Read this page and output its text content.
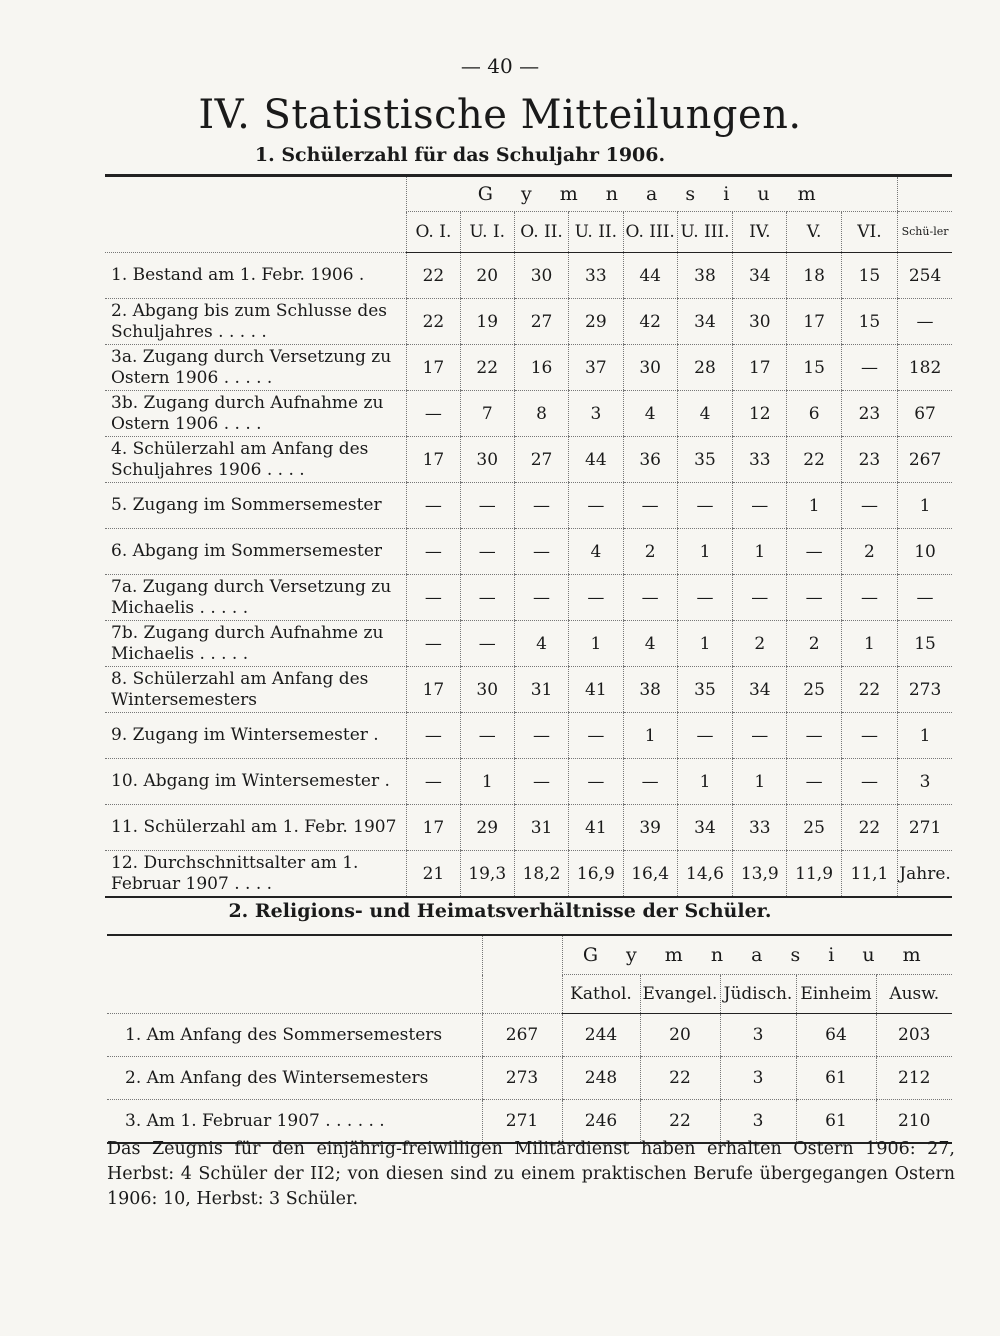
— 40 —
IV. Statistische Mitteilungen.
1. Schülerzahl für das Schuljahr 1906.
	G y m n a s i u m									
	O. I.	U. I.	O. II.	U. II.	O. III.	U. III.	IV.	V.	VI.	Schü-ler
1. Bestand am 1. Febr. 1906 .	22	20	30	33	44	38	34	18	15	254
2. Abgang bis zum Schlusse des Schuljahres . . . . .	22	19	27	29	42	34	30	17	15	—
3a. Zugang durch Versetzung zu Ostern 1906 . . . . .	17	22	16	37	30	28	17	15	—	182
3b. Zugang durch Aufnahme zu Ostern 1906 . . . .	—	7	8	3	4	4	12	6	23	67
4. Schülerzahl am Anfang des Schuljahres 1906 . . . .	17	30	27	44	36	35	33	22	23	267
5. Zugang im Sommersemester	—	—	—	—	—	—	—	1	—	1
6. Abgang im Sommersemester	—	—	—	4	2	1	1	—	2	10
7a. Zugang durch Versetzung zu Michaelis . . . . .	—	—	—	—	—	—	—	—	—	—
7b. Zugang durch Aufnahme zu Michaelis . . . . .	—	—	4	1	4	1	2	2	1	15
8. Schülerzahl am Anfang des Wintersemesters	17	30	31	41	38	35	34	25	22	273
9. Zugang im Wintersemester .	—	—	—	—	1	—	—	—	—	1
10. Abgang im Wintersemester .	—	1	—	—	—	1	1	—	—	3
11. Schülerzahl am 1. Febr. 1907	17	29	31	41	39	34	33	25	22	271
12. Durchschnittsalter am 1. Februar 1907 . . . .	21	19,3	18,2	16,9	16,4	14,6	13,9	11,9	11,1	Jahre.
2. Religions- und Heimatsverhältnisse der Schüler.
		G y m n a s i u m				
		Kathol.	Evangel.	Jüdisch.	Einheim	Ausw.
1. Am Anfang des Sommersemesters	267	244	20	3	64	203
2. Am Anfang des Wintersemesters	273	248	22	3	61	212
3. Am 1. Februar 1907 . . . . . .	271	246	22	3	61	210
Das Zeugnis für den einjährig-freiwilligen Militärdienst haben erhalten Ostern 1906: 27, Herbst: 4 Schüler der II2; von diesen sind zu einem praktischen Berufe übergegangen Ostern 1906: 10, Herbst: 3 Schüler.
